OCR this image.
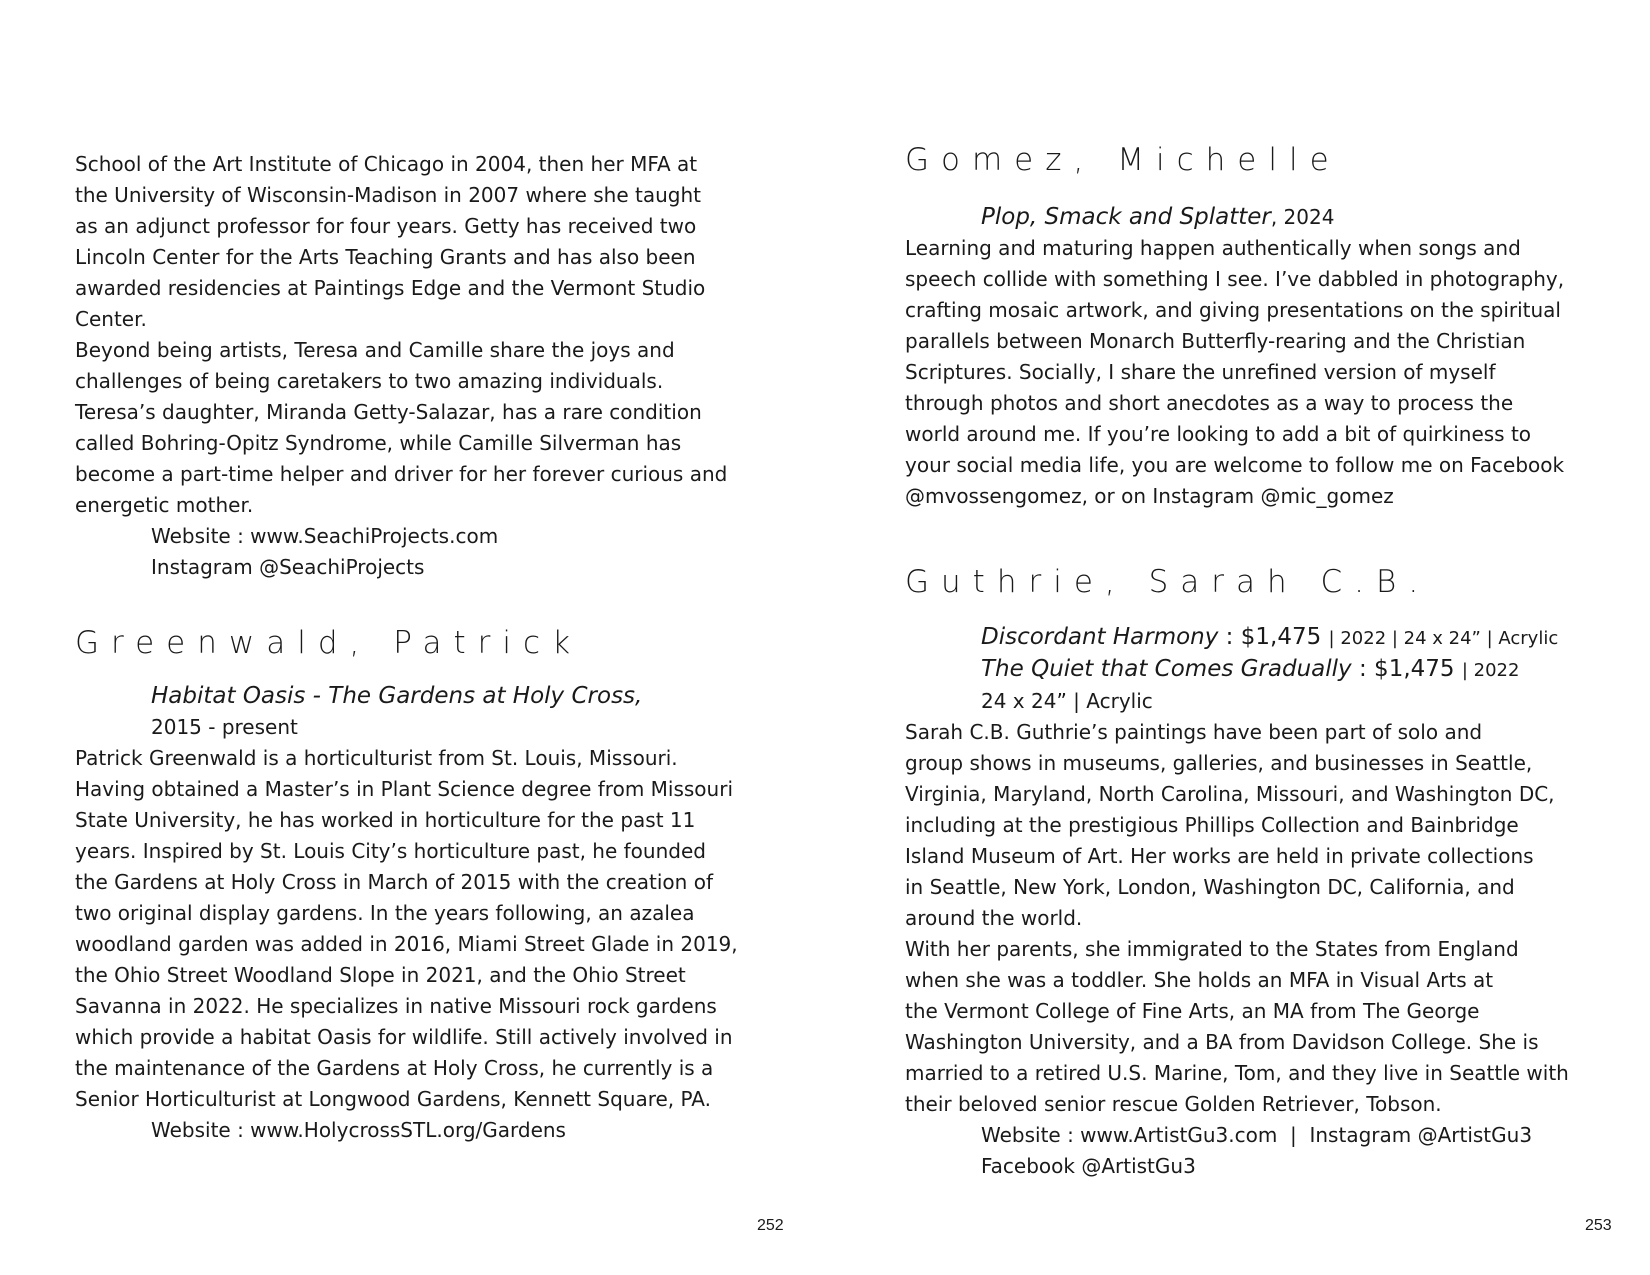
School of the Art Institute of Chicago in 2004, then her MFA at
the University of Wisconsin-Madison in 2007 where she taught
as an adjunct professor for four years. Getty has received two
Lincoln Center for the Arts Teaching Grants and has also been
awarded residencies at Paintings Edge and the Vermont Studio
Center.
Beyond being artists, Teresa and Camille share the joys and
challenges of being caretakers to two amazing individuals.
Teresa’s daughter, Miranda Getty-Salazar, has a rare condition
called Bohring-Opitz Syndrome, while Camille Silverman has
become a part-time helper and driver for her forever curious and
energetic mother.
Website : www.SeachiProjects.com
Instagram @SeachiProjects
Greenwald, Patrick
Habitat Oasis - The Gardens at Holy Cross,
2015 - present
Patrick Greenwald is a horticulturist from St. Louis, Missouri.
Having obtained a Master’s in Plant Science degree from Missouri
State University, he has worked in horticulture for the past 11
years. Inspired by St. Louis City’s horticulture past, he founded
the Gardens at Holy Cross in March of 2015 with the creation of
two original display gardens. In the years following, an azalea
woodland garden was added in 2016, Miami Street Glade in 2019,
the Ohio Street Woodland Slope in 2021, and the Ohio Street
Savanna in 2022. He specializes in native Missouri rock gardens
which provide a habitat Oasis for wildlife. Still actively involved in
the maintenance of the Gardens at Holy Cross, he currently is a
Senior Horticulturist at Longwood Gardens, Kennett Square, PA.
Website : www.HolycrossSTL.org/Gardens
252
Gomez, Michelle
Plop, Smack and Splatter, 2024
Learning and maturing happen authentically when songs and
speech collide with something I see. I’ve dabbled in photography,
crafting mosaic artwork, and giving presentations on the spiritual
parallels between Monarch Butterfly-rearing and the Christian
Scriptures. Socially, I share the unrefined version of myself
through photos and short anecdotes as a way to process the
world around me. If you’re looking to add a bit of quirkiness to
your social media life, you are welcome to follow me on Facebook
@mvossengomez, or on Instagram @mic_gomez
Guthrie, Sarah C.B.
Discordant Harmony : $1,475 | 2022 | 24 x 24” | Acrylic
The Quiet that Comes Gradually : $1,475 | 2022
24 x 24” | Acrylic
Sarah C.B. Guthrie’s paintings have been part of solo and
group shows in museums, galleries, and businesses in Seattle,
Virginia, Maryland, North Carolina, Missouri, and Washington DC,
including at the prestigious Phillips Collection and Bainbridge
Island Museum of Art. Her works are held in private collections
in Seattle, New York, London, Washington DC, California, and
around the world.
With her parents, she immigrated to the States from England
when she was a toddler. She holds an MFA in Visual Arts at
the Vermont College of Fine Arts, an MA from The George
Washington University, and a BA from Davidson College. She is
married to a retired U.S. Marine, Tom, and they live in Seattle with
their beloved senior rescue Golden Retriever, Tobson.
Website : www.ArtistGu3.com  |  Instagram @ArtistGu3
Facebook @ArtistGu3
253
